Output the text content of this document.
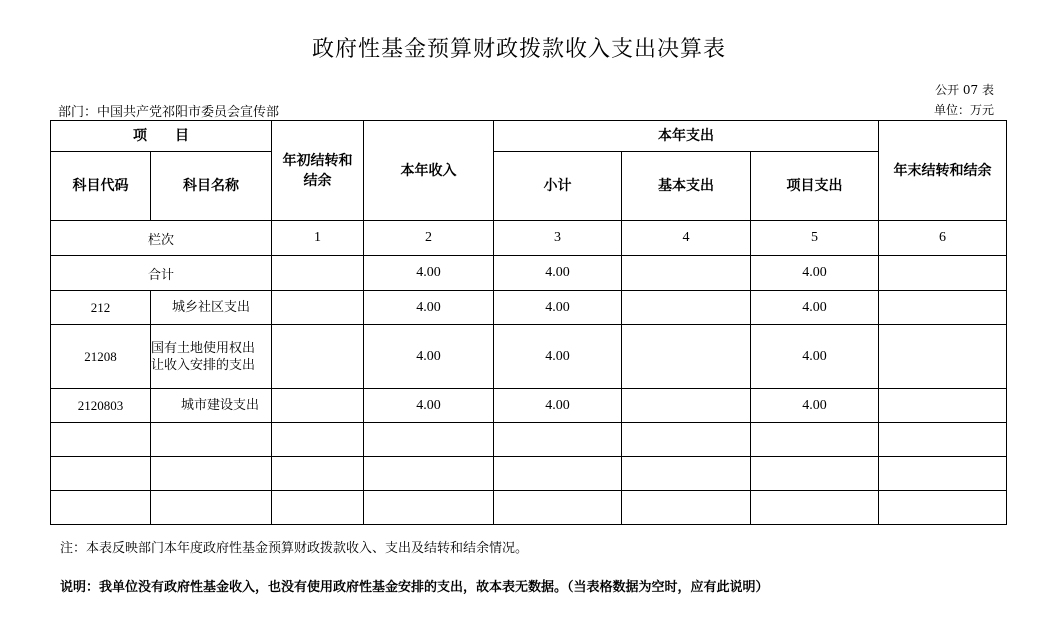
政府性基金预算财政拨款收入支出决算表
公开 07 表
部门：中国共产党祁阳市委员会宣传部	单位：万元
项　　目		年初结转和结余	本年收入	本年支出			年末结转和结余
科目代码	科目名称			小计	基本支出	项目支出	
栏次		1	2	3	4	5	6
合计			4.00	4.00		4.00	
212	城乡社区支出		4.00	4.00		4.00	
21208	国有土地使用权出让收入安排的支出		4.00	4.00		4.00	
2120803	城市建设支出		4.00	4.00		4.00	

注：本表反映部门本年度政府性基金预算财政拨款收入、支出及结转和结余情况。
说明：我单位没有政府性基金收入，也没有使用政府性基金安排的支出，故本表无数据。（当表格数据为空时，应有此说明）
